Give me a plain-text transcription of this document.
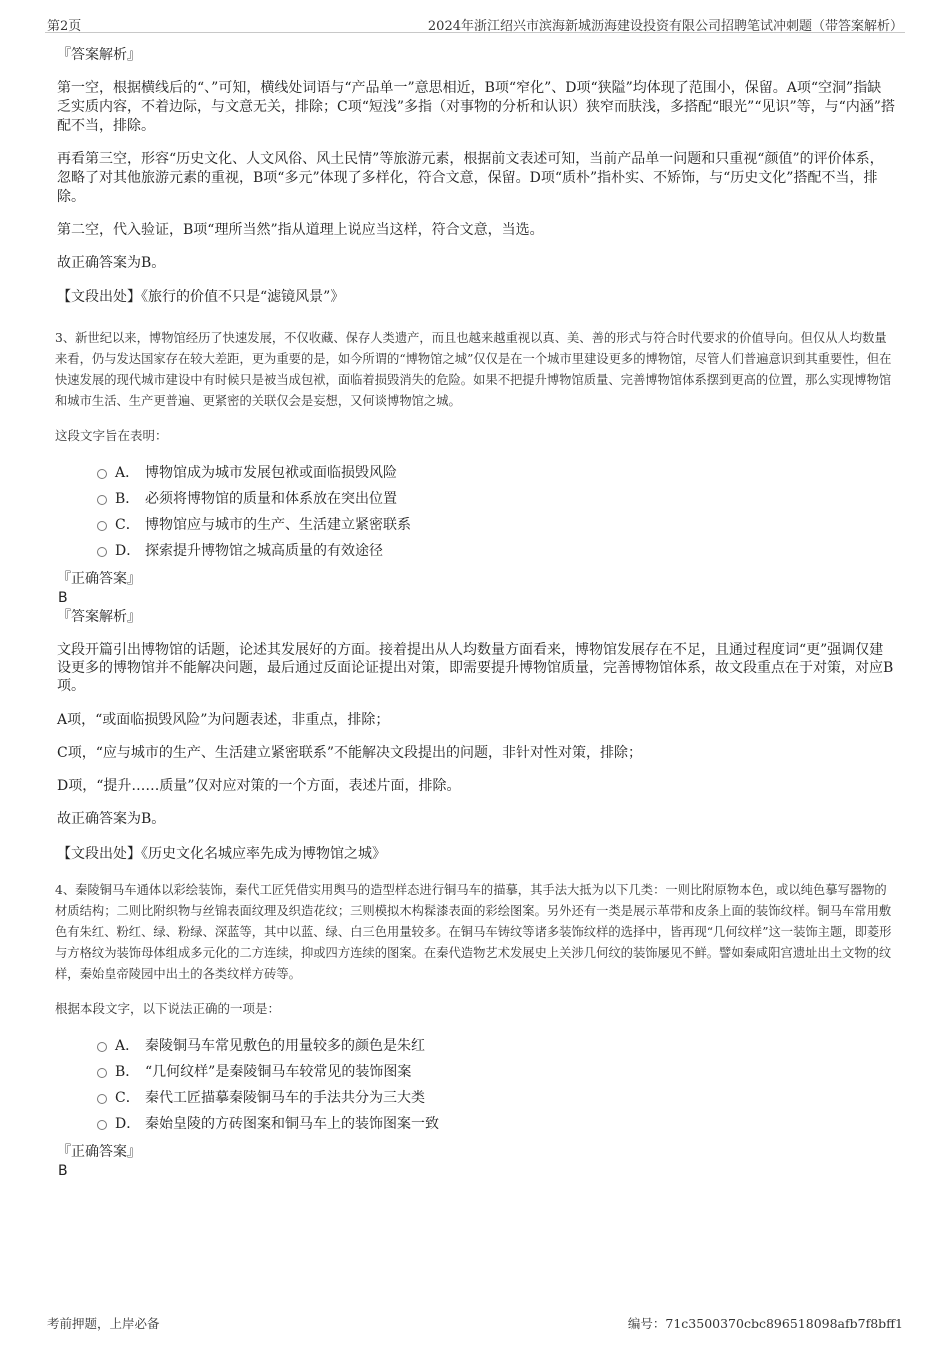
第2页	2024年浙江绍兴市滨海新城沥海建设投资有限公司招聘笔试冲刺题（带答案解析）
『答案解析』
第一空，根据横线后的“、”可知，横线处词语与“产品单一”意思相近，B项“窄化”、D项“狭隘”均体现了范围小，保留。A项“空洞”指缺乏实质内容，不着边际，与文意无关，排除；C项“短浅”多指（对事物的分析和认识）狭窄而肤浅，多搭配“眼光”“见识”等，与“内涵”搭配不当，排除。
再看第三空，形容“历史文化、人文风俗、风土民情”等旅游元素，根据前文表述可知，当前产品单一问题和只重视“颜值”的评价体系，忽略了对其他旅游元素的重视，B项“多元”体现了多样化，符合文意，保留。D项“质朴”指朴实、不矫饰，与“历史文化”搭配不当，排除。
第二空，代入验证，B项“理所当然”指从道理上说应当这样，符合文意，当选。
故正确答案为B。
【文段出处】《旅行的价值不只是“滤镜风景”》
3、新世纪以来，博物馆经历了快速发展，不仅收藏、保存人类遗产，而且也越来越重视以真、美、善的形式与符合时代要求的价值导向。但仅从人均数量来看，仍与发达国家存在较大差距，更为重要的是，如今所谓的“博物馆之城”仅仅是在一个城市里建设更多的博物馆，尽管人们普遍意识到其重要性，但在快速发展的现代城市建设中有时候只是被当成包袱，面临着损毁消失的危险。如果不把提升博物馆质量、完善博物馆体系摆到更高的位置，那么实现博物馆和城市生活、生产更普遍、更紧密的关联仅会是妄想，又何谈博物馆之城。
这段文字旨在表明：
A． 博物馆成为城市发展包袱或面临损毁风险
B． 必须将博物馆的质量和体系放在突出位置
C． 博物馆应与城市的生产、生活建立紧密联系
D． 探索提升博物馆之城高质量的有效途径
『正确答案』
B
『答案解析』
文段开篇引出博物馆的话题，论述其发展好的方面。接着提出从人均数量方面看来，博物馆发展存在不足，且通过程度词“更”强调仅建设更多的博物馆并不能解决问题，最后通过反面论证提出对策，即需要提升博物馆质量，完善博物馆体系，故文段重点在于对策，对应B项。
A项，“或面临损毁风险”为问题表述，非重点，排除；
C项，“应与城市的生产、生活建立紧密联系”不能解决文段提出的问题，非针对性对策，排除；
D项，“提升……质量”仅对应对策的一个方面，表述片面，排除。
故正确答案为B。
【文段出处】《历史文化名城应率先成为博物馆之城》
4、秦陵铜马车通体以彩绘装饰，秦代工匠凭借实用舆马的造型样态进行铜马车的描摹，其手法大抵为以下几类：一则比附原物本色，或以纯色摹写器物的材质结构；二则比附织物与丝锦表面纹理及织造花纹；三则模拟木构髹漆表面的彩绘图案。另外还有一类是展示革带和皮条上面的装饰纹样。铜马车常用敷色有朱红、粉红、绿、粉绿、深蓝等，其中以蓝、绿、白三色用量较多。在铜马车铸纹等诸多装饰纹样的选择中，皆再现“几何纹样”这一装饰主题，即菱形与方格纹为装饰母体组成多元化的二方连续，抑或四方连续的图案。在秦代造物艺术发展史上关涉几何纹的装饰屡见不鲜。譬如秦咸阳宫遗址出土文物的纹样，秦始皇帝陵园中出土的各类纹样方砖等。
根据本段文字，以下说法正确的一项是：
A． 秦陵铜马车常见敷色的用量较多的颜色是朱红
B． “几何纹样”是秦陵铜马车较常见的装饰图案
C． 秦代工匠描摹秦陵铜马车的手法共分为三大类
D． 秦始皇陵的方砖图案和铜马车上的装饰图案一致
『正确答案』
B
考前押题，上岸必备	编号：71c3500370cbc896518098afb7f8bff1
